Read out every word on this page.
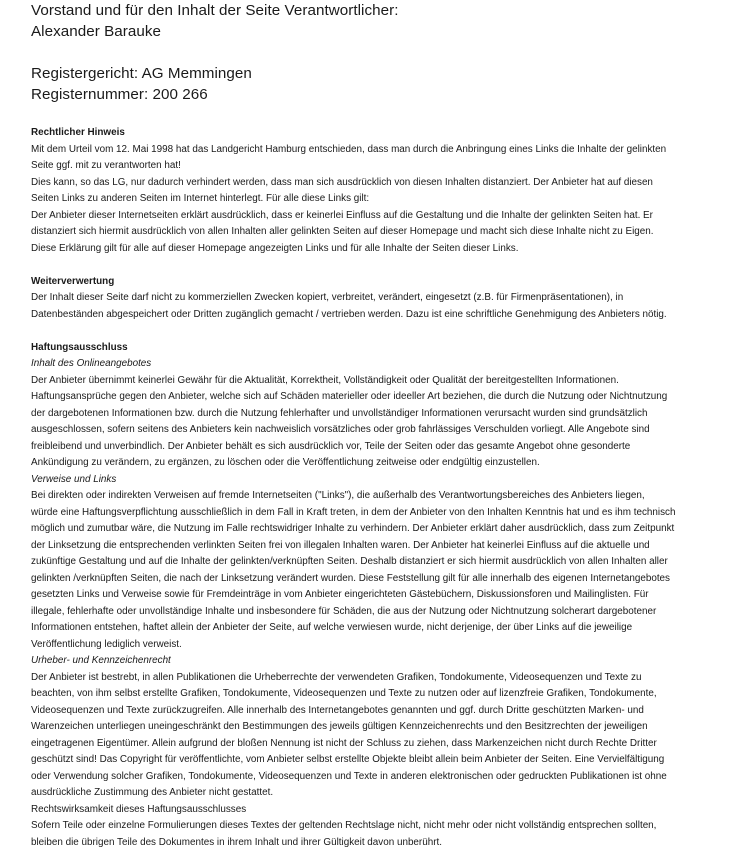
Vorstand und für den Inhalt der Seite Verantwortlicher:

Alexander Barauke

Registergericht: AG Memmingen

Registernummer: 200 266

Rechtlicher Hinweis

Mit dem Urteil vom 12. Mai 1998 hat das Landgericht Hamburg entschieden, dass man durch die Anbringung eines Links die Inhalte der gelinkten

Seite ggf. mit zu verantworten hat!

Dies kann, so das LG, nur dadurch verhindert werden, dass man sich ausdrücklich von diesen Inhalten distanziert. Der Anbieter hat auf diesen

Seiten Links zu anderen Seiten im Internet hinterlegt. Für alle diese Links gilt:

Der Anbieter dieser Internetseiten erklärt ausdrücklich, dass er keinerlei Einfluss auf die Gestaltung und die Inhalte der gelinkten Seiten hat. Er

distanziert sich hiermit ausdrücklich von allen Inhalten aller gelinkten Seiten auf dieser Homepage und macht sich diese Inhalte nicht zu Eigen.

Diese Erklärung gilt für alle auf dieser Homepage angezeigten Links und für alle Inhalte der Seiten dieser Links.

Weiterverwertung

Der Inhalt dieser Seite darf nicht zu kommerziellen Zwecken kopiert, verbreitet, verändert, eingesetzt (z.B. für Firmenpräsentationen), in

Datenbeständen abgespeichert oder Dritten zugänglich gemacht / vertrieben werden. Dazu ist eine schriftliche Genehmigung des Anbieters nötig.

Haftungsausschluss

Inhalt des Onlineangebotes

Der Anbieter übernimmt keinerlei Gewähr für die Aktualität, Korrektheit, Vollständigkeit oder Qualität der bereitgestellten Informationen.

Haftungsansprüche gegen den Anbieter, welche sich auf Schäden materieller oder ideeller Art beziehen, die durch die Nutzung oder Nichtnutzung

der dargebotenen Informationen bzw. durch die Nutzung fehlerhafter und unvollständiger Informationen verursacht wurden sind grundsätzlich

ausgeschlossen, sofern seitens des Anbieters kein nachweislich vorsätzliches oder grob fahrlässiges Verschulden vorliegt. Alle Angebote sind

freibleibend und unverbindlich. Der Anbieter behält es sich ausdrücklich vor, Teile der Seiten oder das gesamte Angebot ohne gesonderte

Ankündigung zu verändern, zu ergänzen, zu löschen oder die Veröffentlichung zeitweise oder endgültig einzustellen.

Verweise und Links

Bei direkten oder indirekten Verweisen auf fremde Internetseiten ("Links"), die außerhalb des Verantwortungsbereiches des Anbieters liegen,

würde eine Haftungsverpflichtung ausschließlich in dem Fall in Kraft treten, in dem der Anbieter von den Inhalten Kenntnis hat und es ihm technisch

möglich und zumutbar wäre, die Nutzung im Falle rechtswidriger Inhalte zu verhindern. Der Anbieter erklärt daher ausdrücklich, dass zum Zeitpunkt

der Linksetzung die entsprechenden verlinkten Seiten frei von illegalen Inhalten waren. Der Anbieter hat keinerlei Einfluss auf die aktuelle und

zukünftige Gestaltung und auf die Inhalte der gelinkten/verknüpften Seiten. Deshalb distanziert er sich hiermit ausdrücklich von allen Inhalten aller

gelinkten /verknüpften Seiten, die nach der Linksetzung verändert wurden. Diese Feststellung gilt für alle innerhalb des eigenen Internetangebotes

gesetzten Links und Verweise sowie für Fremdeinträge in vom Anbieter eingerichteten Gästebüchern, Diskussionsforen und Mailinglisten. Für

illegale, fehlerhafte oder unvollständige Inhalte und insbesondere für Schäden, die aus der Nutzung oder Nichtnutzung solcherart dargebotener

Informationen entstehen, haftet allein der Anbieter der Seite, auf welche verwiesen wurde, nicht derjenige, der über Links auf die jeweilige

Veröffentlichung lediglich verweist.

Urheber- und Kennzeichenrecht

Der Anbieter ist bestrebt, in allen Publikationen die Urheberrechte der verwendeten Grafiken, Tondokumente, Videosequenzen und Texte zu

beachten, von ihm selbst erstellte Grafiken, Tondokumente, Videosequenzen und Texte zu nutzen oder auf lizenzfreie Grafiken, Tondokumente,

Videosequenzen und Texte zurückzugreifen. Alle innerhalb des Internetangebotes genannten und ggf. durch Dritte geschützten Marken- und

Warenzeichen unterliegen uneingeschränkt den Bestimmungen des jeweils gültigen Kennzeichenrechts und den Besitzrechten der jeweiligen

eingetragenen Eigentümer. Allein aufgrund der bloßen Nennung ist nicht der Schluss zu ziehen, dass Markenzeichen nicht durch Rechte Dritter

geschützt sind! Das Copyright für veröffentlichte, vom Anbieter selbst erstellte Objekte bleibt allein beim Anbieter der Seiten. Eine Vervielfältigung

oder Verwendung solcher Grafiken, Tondokumente, Videosequenzen und Texte in anderen elektronischen oder gedruckten Publikationen ist ohne

ausdrückliche Zustimmung des Anbieter nicht gestattet.

Rechtswirksamkeit dieses Haftungsausschlusses

Sofern Teile oder einzelne Formulierungen dieses Textes der geltenden Rechtslage nicht, nicht mehr oder nicht vollständig entsprechen sollten,

bleiben die übrigen Teile des Dokumentes in ihrem Inhalt und ihrer Gültigkeit davon unberührt.
